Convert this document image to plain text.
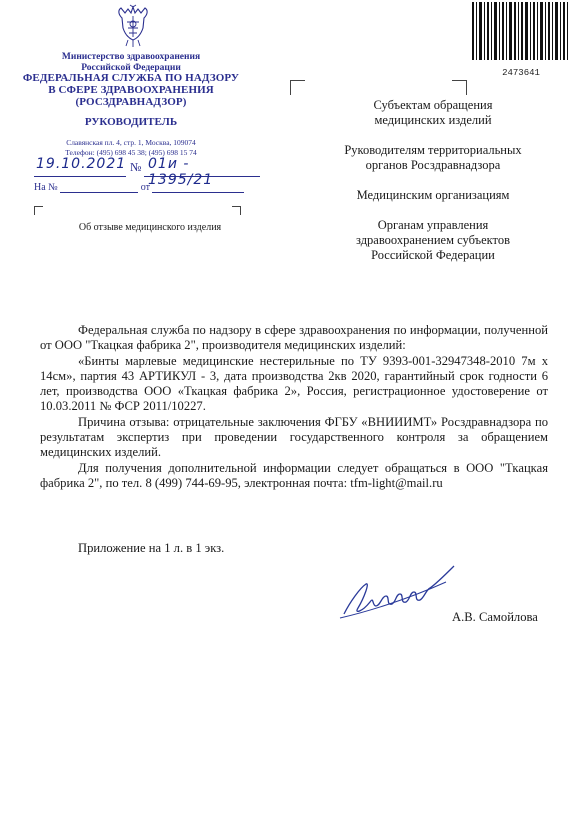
Министерство здравоохранения
Российской Федерации
ФЕДЕРАЛЬНАЯ СЛУЖБА ПО НАДЗОРУ
В СФЕРЕ ЗДРАВООХРАНЕНИЯ
(РОСЗДРАВНАДЗОР)
РУКОВОДИТЕЛЬ
Славянская пл. 4, стр. 1, Москва, 109074
Телефон: (495) 698 45 38; (495) 698 15 74
19.10.2021 № 01и - 1395/21
На №	от
Об отзыве медицинского изделия
2473641
Субъектам обращения медицинских изделий
Руководителям территориальных органов Росздравнадзора
Медицинским организациям
Органам управления здравоохранением субъектов Российской Федерации

Федеральная служба по надзору в сфере здравоохранения по информации, полученной от ООО "Ткацкая фабрика 2", производителя медицинских изделий:

«Бинты марлевые медицинские нестерильные по ТУ 9393-001-32947348-2010 7м х 14см», партия 43 АРТИКУЛ - 3, дата производства 2кв 2020, гарантийный срок годности 6 лет, производства ООО «Ткацкая фабрика 2», Россия, регистрационное удостоверение от 10.03.2011 № ФСР 2011/10227.

Причина отзыва: отрицательные заключения ФГБУ «ВНИИИМТ» Росздравнадзора по результатам экспертиз при проведении государственного контроля за обращением медицинских изделий.

Для получения дополнительной информации следует обращаться в ООО "Ткацкая фабрика 2", по тел. 8 (499) 744-69-95, электронная почта: tfm-light@mail.ru

Приложение на 1 л. в 1 экз.
А.В. Самойлова
